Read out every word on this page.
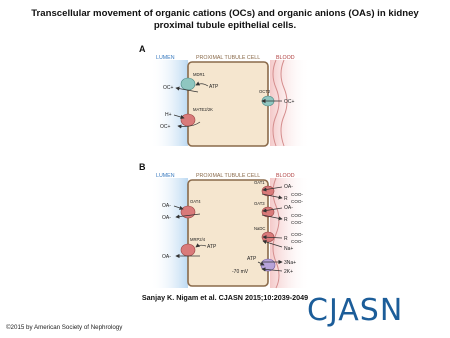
Transcellular movement of organic cations (OCs) and organic anions (OAs) in kidney proximal tubule epithelial cells.
A
LUMEN	PROXIMAL TUBULE CELL	BLOOD
MDR1
ATP
OC+
OCT2
OC+
MATE2/2K
H+
OC+
B
LUMEN	PROXIMAL TUBULE CELL	BLOOD
OAT1
OA-
R
COO-
COO-
OAT3
OA-
R
COO-
COO-
NaDC
R
COO-
COO-
Na+
ATP
3Na+
2K+
-70 mV
OAT4
OA-
OA-
MRP2/4
ATP
OA-
Sanjay K. Nigam et al. CJASN 2015;10:2039-2049
CJASN
©2015 by American Society of Nephrology
